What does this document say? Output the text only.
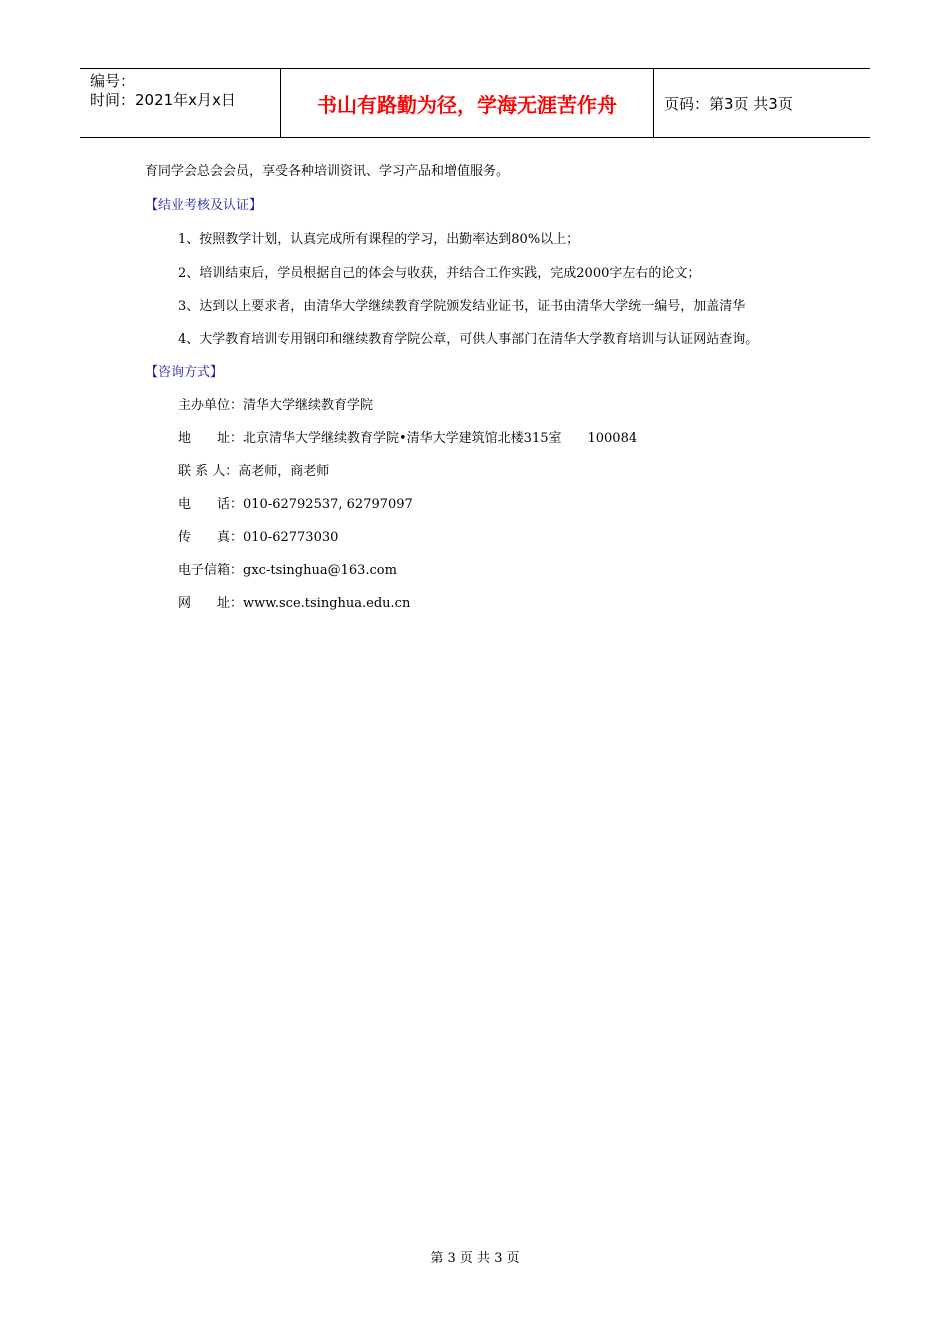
编号：
时间：2021年x月x日	书山有路勤为径，学海无涯苦作舟	页码：第3页 共3页
育同学会总会会员，享受各种培训资讯、学习产品和增值服务。
【结业考核及认证】
1、按照教学计划，认真完成所有课程的学习，出勤率达到80%以上；
2、培训结束后，学员根据自己的体会与收获，并结合工作实践，完成2000字左右的论文；
3、达到以上要求者，由清华大学继续教育学院颁发结业证书，证书由清华大学统一编号，加盖清华
4、大学教育培训专用钢印和继续教育学院公章，可供人事部门在清华大学教育培训与认证网站查询。
【咨询方式】
主办单位：清华大学继续教育学院
地　　址：北京清华大学继续教育学院•清华大学建筑馆北楼315室　　100084
联 系 人：高老师，商老师
电　　话：010-62792537, 62797097
传　　真：010-62773030
电子信箱：gxc-tsinghua@163.com
网　　址：www.sce.tsinghua.edu.cn
第 3 页 共 3 页
